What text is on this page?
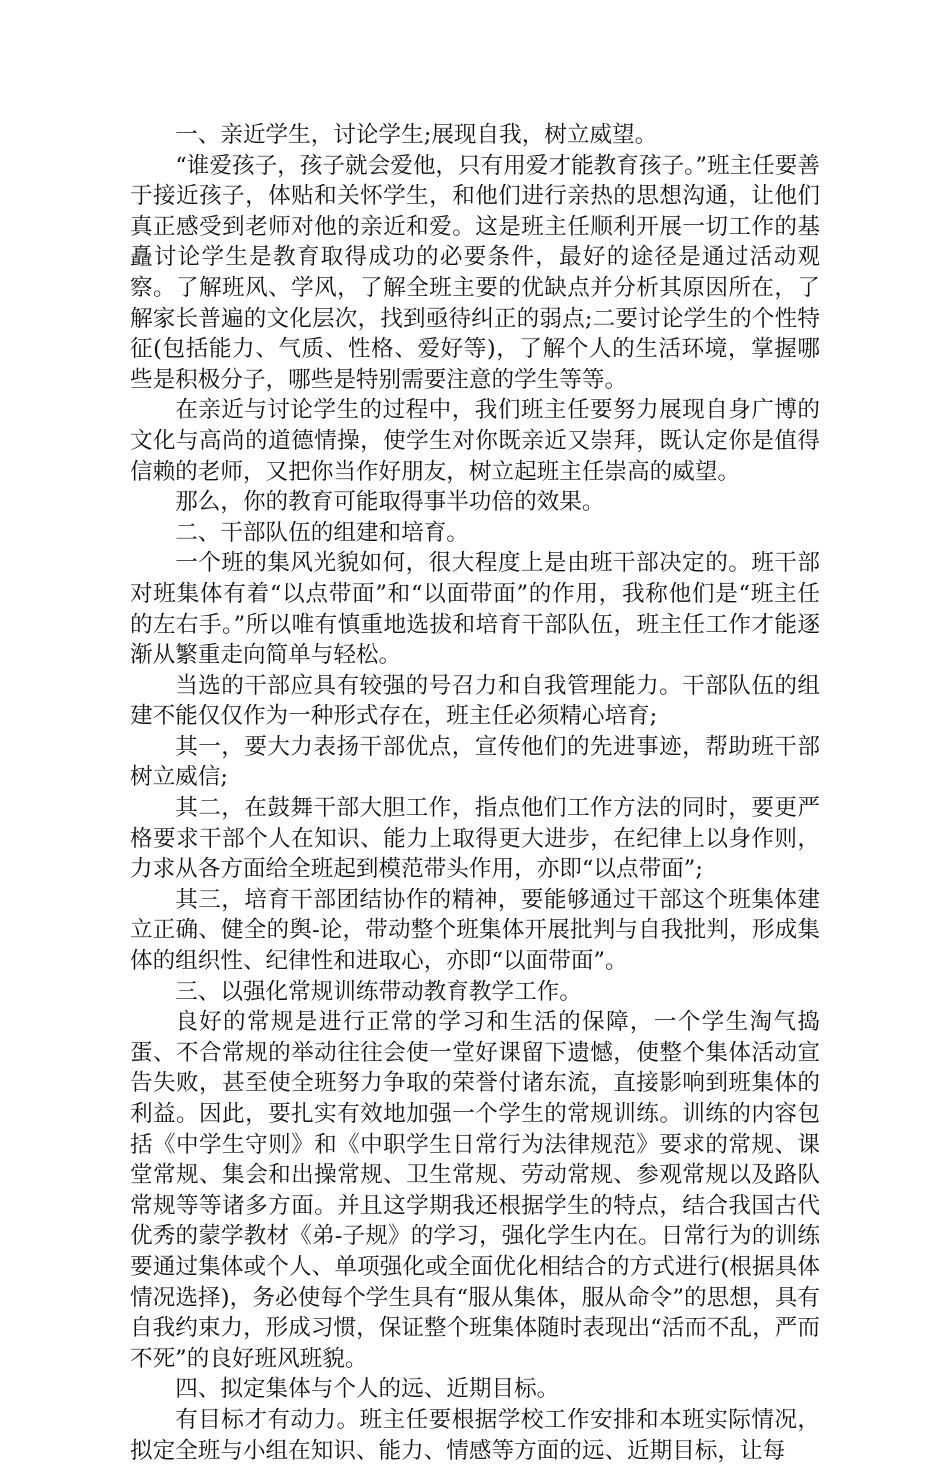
一、亲近学生，讨论学生;展现自我，树立威望。

“谁爱孩子，孩子就会爱他，只有用爱才能教育孩子。”班主任要善于接近孩子，体贴和关怀学生，和他们进行亲热的思想沟通，让他们真正感受到老师对他的亲近和爱。这是班主任顺利开展一切工作的基矗讨论学生是教育取得成功的必要条件，最好的途径是通过活动观察。了解班风、学风，了解全班主要的优缺点并分析其原因所在，了解家长普遍的文化层次，找到亟待纠正的弱点;二要讨论学生的个性特征(包括能力、气质、性格、爱好等)，了解个人的生活环境，掌握哪些是积极分子，哪些是特别需要注意的学生等等。

在亲近与讨论学生的过程中，我们班主任要努力展现自身广博的文化与高尚的道德情操，使学生对你既亲近又崇拜，既认定你是值得信赖的老师，又把你当作好朋友，树立起班主任崇高的威望。

那么，你的教育可能取得事半功倍的效果。

二、干部队伍的组建和培育。

一个班的集风光貌如何，很大程度上是由班干部决定的。班干部对班集体有着“以点带面”和“以面带面”的作用，我称他们是“班主任的左右手。”所以唯有慎重地选拔和培育干部队伍，班主任工作才能逐渐从繁重走向简单与轻松。

当选的干部应具有较强的号召力和自我管理能力。干部队伍的组建不能仅仅作为一种形式存在，班主任必须精心培育;

其一，要大力表扬干部优点，宣传他们的先进事迹，帮助班干部树立威信;

其二，在鼓舞干部大胆工作，指点他们工作方法的同时，要更严格要求干部个人在知识、能力上取得更大进步，在纪律上以身作则，力求从各方面给全班起到模范带头作用，亦即“以点带面”;

其三，培育干部团结协作的精神，要能够通过干部这个班集体建立正确、健全的舆-论，带动整个班集体开展批判与自我批判，形成集体的组织性、纪律性和进取心，亦即“以面带面”。

三、以强化常规训练带动教育教学工作。

良好的常规是进行正常的学习和生活的保障，一个学生淘气捣蛋、不合常规的举动往往会使一堂好课留下遗憾，使整个集体活动宣告失败，甚至使全班努力争取的荣誉付诸东流，直接影响到班集体的利益。因此，要扎实有效地加强一个学生的常规训练。训练的内容包括《中学生守则》和《中职学生日常行为法律规范》要求的常规、课堂常规、集会和出操常规、卫生常规、劳动常规、参观常规以及路队常规等等诸多方面。并且这学期我还根据学生的特点，结合我国古代优秀的蒙学教材《弟-子规》的学习，强化学生内在。日常行为的训练要通过集体或个人、单项强化或全面优化相结合的方式进行(根据具体情况选择)，务必使每个学生具有“服从集体，服从命令”的思想，具有自我约束力，形成习惯，保证整个班集体随时表现出“活而不乱，严而不死”的良好班风班貌。

四、拟定集体与个人的远、近期目标。

有目标才有动力。班主任要根据学校工作安排和本班实际情况，拟定全班与小组在知识、能力、情感等方面的远、近期目标，让每
